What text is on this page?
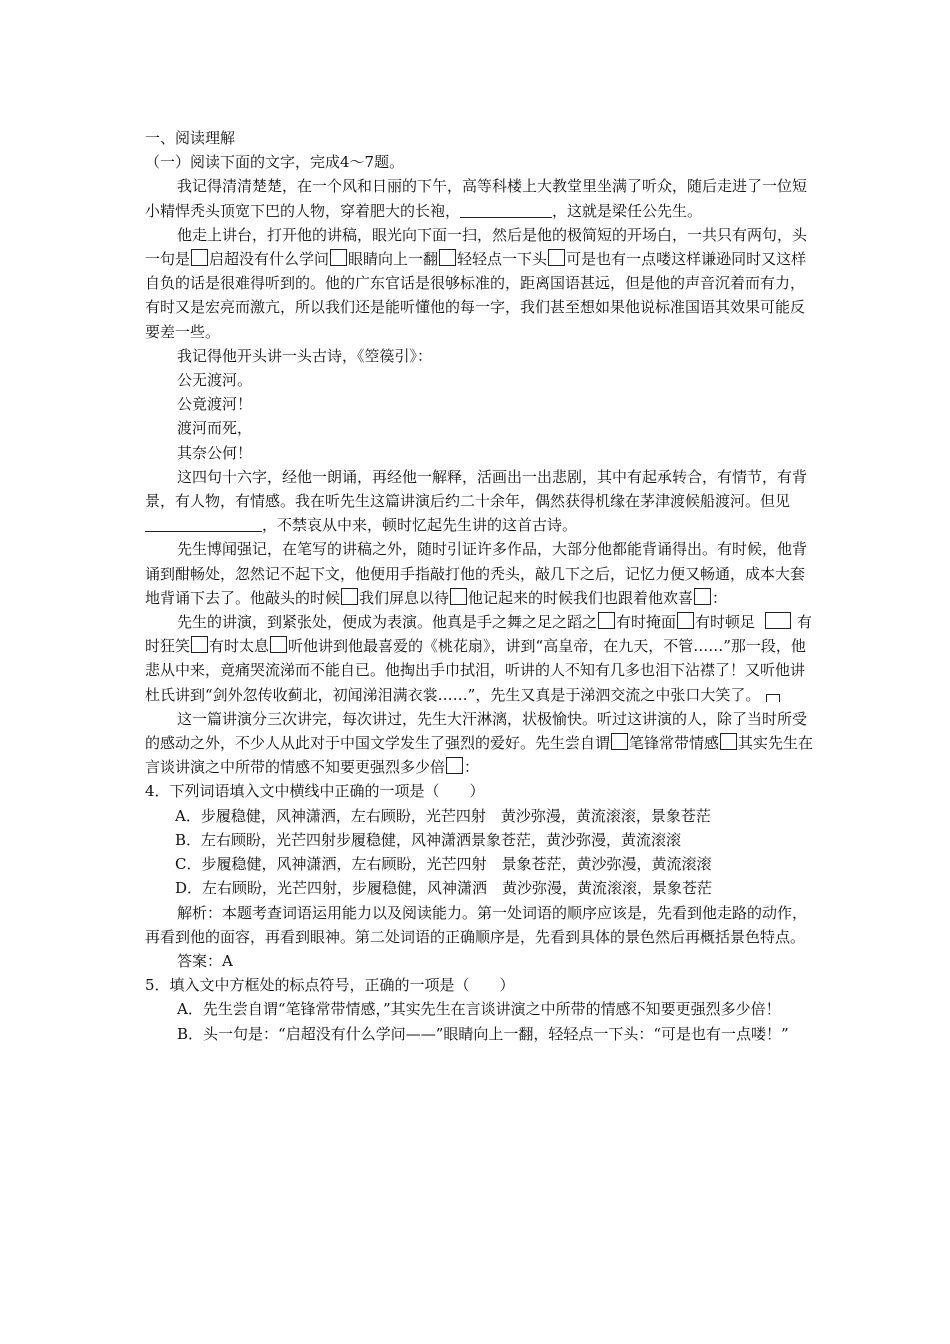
一、阅读理解

（一）阅读下面的文字，完成4～7题。

我记得清清楚楚，在一个风和日丽的下午，高等科楼上大教堂里坐满了听众，随后走进了一位短小精悍秃头顶宽下巴的人物，穿着肥大的长袍，	，这就是梁任公先生。

他走上讲台，打开他的讲稿，眼光向下面一扫，然后是他的极简短的开场白，一共只有两句，头一句是 启超没有什么学问 眼睛向上一翻 轻轻点一下头 可是也有一点喽这样谦逊同时又这样自负的话是很难得听到的。他的广东官话是很够标准的，距离国语甚远，但是他的声音沉着而有力，有时又是宏亮而激亢，所以我们还是能听懂他的每一字，我们甚至想如果他说标准国语其效果可能反要差一些。

我记得他开头讲一头古诗，《箜篌引》：

公无渡河。

公竟渡河！

渡河而死，

其奈公何！

这四句十六字，经他一朗诵，再经他一解释，活画出一出悲剧，其中有起承转合，有情节，有背景，有人物，有情感。我在听先生这篇讲演后约二十余年，偶然获得机缘在茅津渡候船渡河。但见，不禁哀从中来，顿时忆起先生讲的这首古诗。

先生博闻强记，在笔写的讲稿之外，随时引证许多作品，大部分他都能背诵得出。有时候，他背诵到酣畅处，忽然记不起下文，他便用手指敲打他的秃头，敲几下之后，记忆力便又畅通，成本大套地背诵下去了。他敲头的时候 我们屏息以待 他记起来的时候我们也跟着他欢喜 ：

先生的讲演，到紧张处，便成为表演。他真是手之舞之足之蹈之 有时掩面 有时顿足	有时狂笑 有时太息 听他讲到他最喜爱的《桃花扇》，讲到“高皇帝，在九天，不管……”那一段，他悲从中来，竟痛哭流涕而不能自已。他掏出手巾拭泪，听讲的人不知有几多也泪下沾襟了！又听他讲杜氏讲到“剑外忽传收蓟北，初闻涕泪满衣裳……”，先生又真是于涕泗交流之中张口大笑了。

这一篇讲演分三次讲完，每次讲过，先生大汗淋漓，状极愉快。听过这讲演的人，除了当时所受的感动之外，不少人从此对于中国文学发生了强烈的爱好。先生尝自谓 笔锋常带情感 其实先生在言谈讲演之中所带的情感不知要更强烈多少倍 ：

4．下列词语填入文中横线中正确的一项是（　　）

A．步履稳健，风神潇洒，左右顾盼，光芒四射　黄沙弥漫，黄流滚滚，景象苍茫

B．左右顾盼，光芒四射步履稳健，风神潇洒景象苍茫，黄沙弥漫，黄流滚滚

C．步履稳健，风神潇洒，左右顾盼，光芒四射　景象苍茫，黄沙弥漫，黄流滚滚

D．左右顾盼，光芒四射，步履稳健，风神潇洒　黄沙弥漫，黄流滚滚，景象苍茫

解析：本题考查词语运用能力以及阅读能力。第一处词语的顺序应该是，先看到他走路的动作，再看到他的面容，再看到眼神。第二处词语的正确顺序是，先看到具体的景色然后再概括景色特点。

答案：A

5．填入文中方框处的标点符号，正确的一项是（　　）

A．先生尝自谓“笔锋常带情感，”其实先生在言谈讲演之中所带的情感不知要更强烈多少倍！

B．头一句是：“启超没有什么学问——”眼睛向上一翻，轻轻点一下头：“可是也有一点喽！”
